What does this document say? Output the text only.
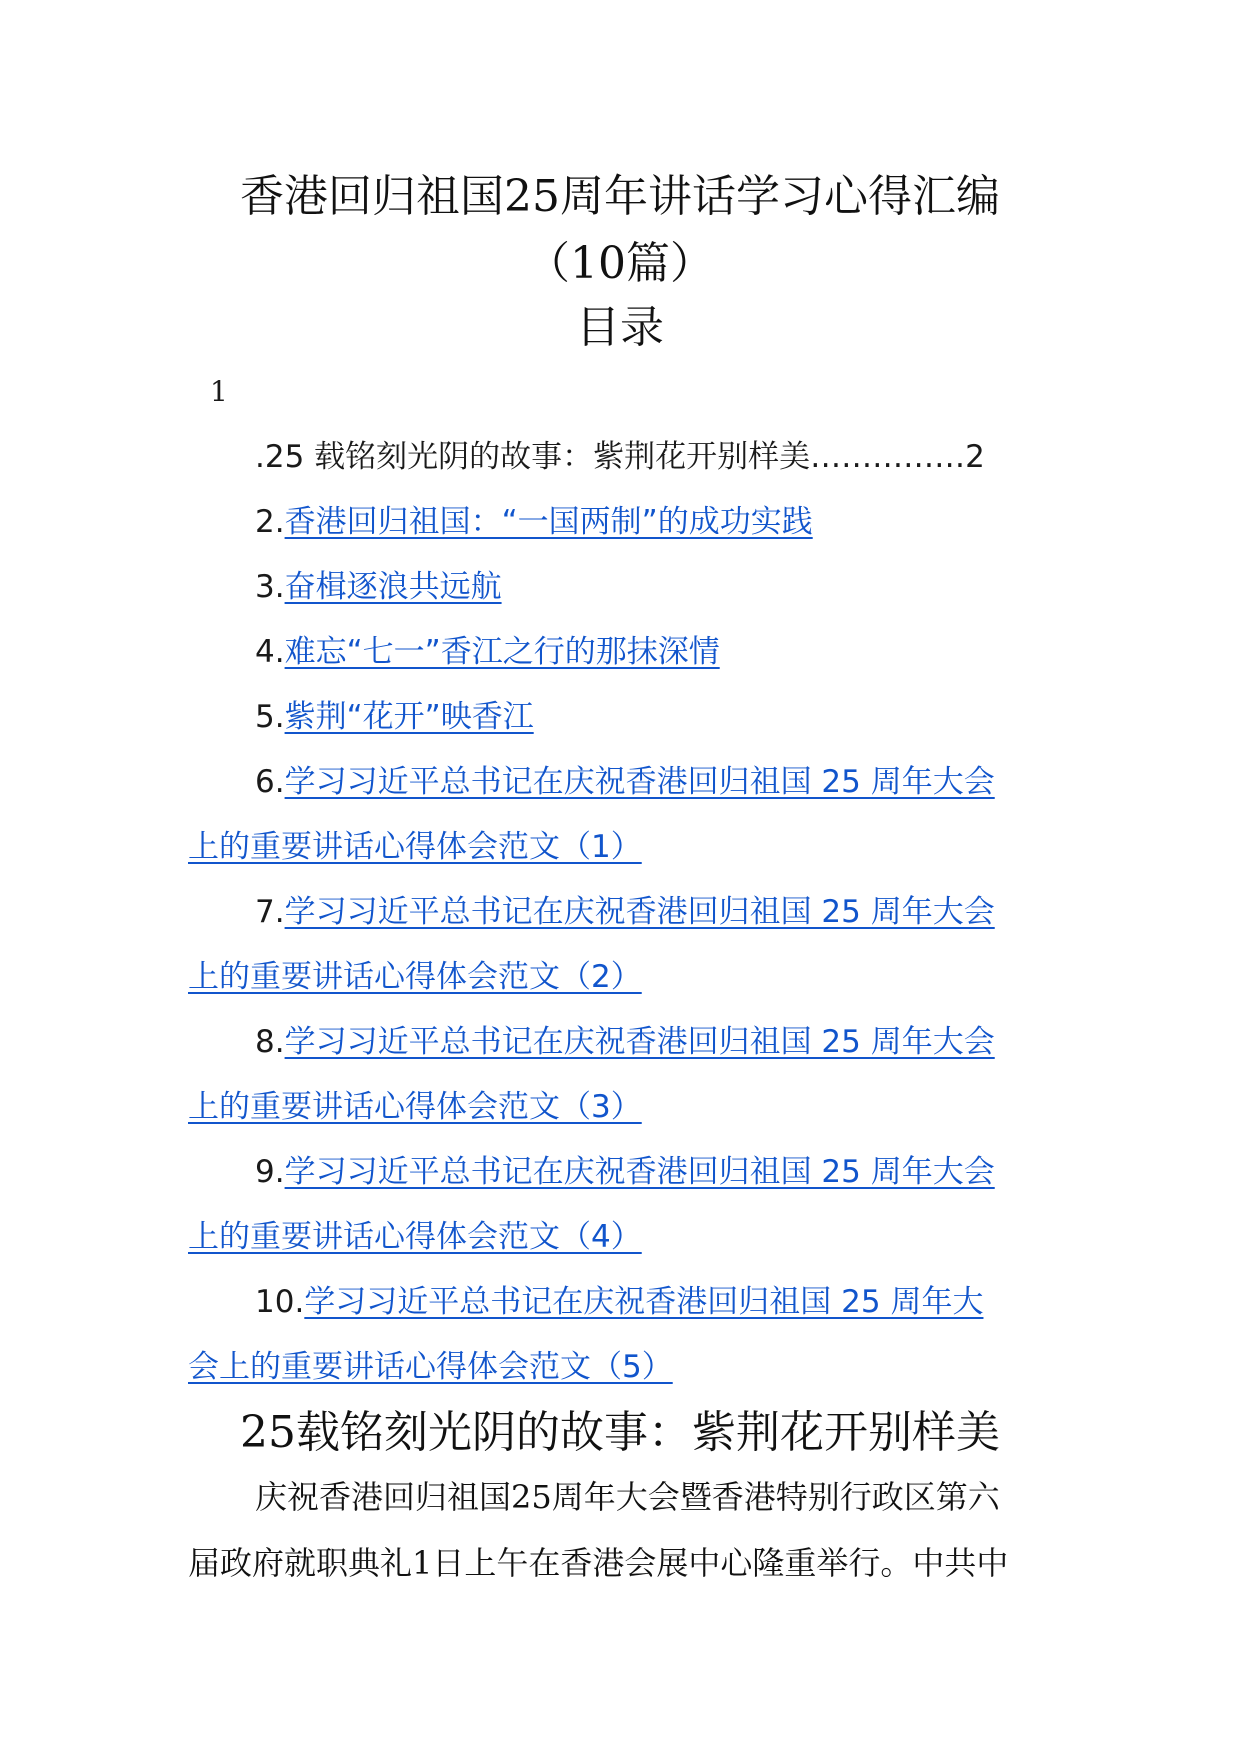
香港回归祖国25周年讲话学习心得汇编
（10篇）
目录
1
.25 载铭刻光阴的故事：紫荆花开别样美……………2
2.香港回归祖国：“一国两制”的成功实践
3.奋楫逐浪共远航
4.难忘“七一”香江之行的那抹深情
5.紫荆“花开”映香江
6.学习习近平总书记在庆祝香港回归祖国 25 周年大会
上的重要讲话心得体会范文（1）
7.学习习近平总书记在庆祝香港回归祖国 25 周年大会
上的重要讲话心得体会范文（2）
8.学习习近平总书记在庆祝香港回归祖国 25 周年大会
上的重要讲话心得体会范文（3）
9.学习习近平总书记在庆祝香港回归祖国 25 周年大会
上的重要讲话心得体会范文（4）
10.学习习近平总书记在庆祝香港回归祖国 25 周年大
会上的重要讲话心得体会范文（5）
25载铭刻光阴的故事：紫荆花开别样美
庆祝香港回归祖国25周年大会暨香港特别行政区第六
届政府就职典礼1日上午在香港会展中心隆重举行。中共中
